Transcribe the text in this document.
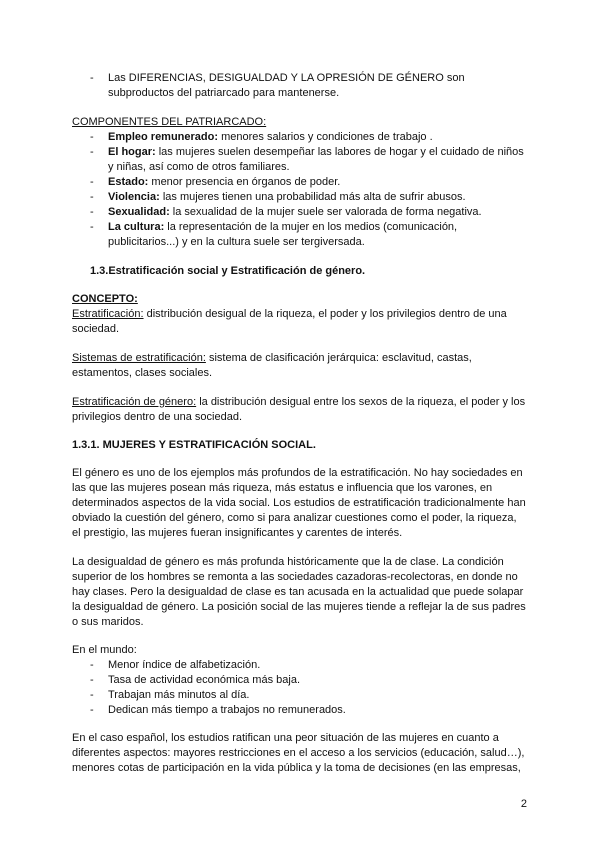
- Las DIFERENCIAS, DESIGUALDAD Y LA OPRESIÓN DE GÉNERO son subproductos del patriarcado para mantenerse.

COMPONENTES DEL PATRIARCADO:

- Empleo remunerado: menores salarios y condiciones de trabajo .
- El hogar: las mujeres suelen desempeñar las labores de hogar y el cuidado de niños y niñas, así como de otros familiares.
- Estado: menor presencia en órganos de poder.
- Violencia: las mujeres tienen una probabilidad más alta de sufrir abusos.
- Sexualidad: la sexualidad de la mujer suele ser valorada de forma negativa.
- La cultura: la representación de la mujer en los medios (comunicación, publicitarios...) y en la cultura suele ser tergiversada.

1.3.Estratificación social y Estratificación de género.

CONCEPTO:

Estratificación: distribución desigual de la riqueza, el poder y los privilegios dentro de una sociedad.

Sistemas de estratificación: sistema de clasificación jerárquica: esclavitud, castas, estamentos, clases sociales.

Estratificación de género: la distribución desigual entre los sexos de la riqueza, el poder y los privilegios dentro de una sociedad.

1.3.1. MUJERES Y ESTRATIFICACIÓN SOCIAL.

El género es uno de los ejemplos más profundos de la estratificación. No hay sociedades en las que las mujeres posean más riqueza, más estatus e influencia que los varones, en determinados aspectos de la vida social. Los estudios de estratificación tradicionalmente han obviado la cuestión del género, como si para analizar cuestiones como el poder, la riqueza, el prestigio, las mujeres fueran insignificantes y carentes de interés.

La desigualdad de género es más profunda históricamente que la de clase. La condición superior de los hombres se remonta a las sociedades cazadoras-recolectoras, en donde no hay clases. Pero la desigualdad de clase es tan acusada en la actualidad que puede solapar la desigualdad de género. La posición social de las mujeres tiende a reflejar la de sus padres o sus maridos.

En el mundo:

- Menor índice de alfabetización.
- Tasa de actividad económica más baja.
- Trabajan más minutos al día.
- Dedican más tiempo a trabajos no remunerados.

En el caso español, los estudios ratifican una peor situación de las mujeres en cuanto a diferentes aspectos: mayores restricciones en el acceso a los servicios (educación, salud…), menores cotas de participación en la vida pública y la toma de decisiones (en las empresas,

2
